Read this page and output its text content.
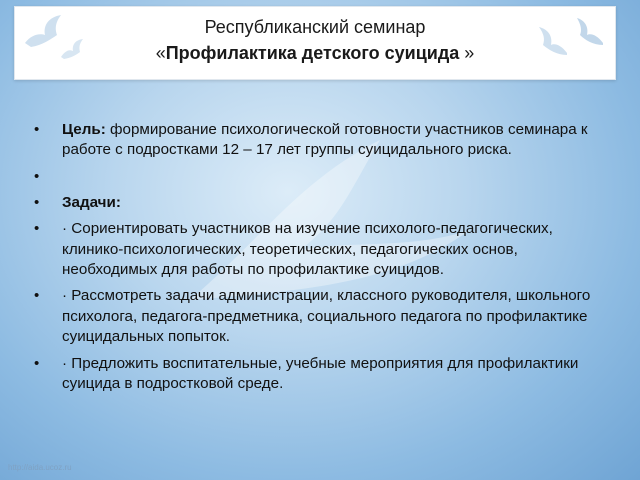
Республиканский семинар
«Профилактика детского суицида »
• Цель: формирование психологической готовности участников семинара к работе с подростками 12 – 17 лет группы суицидального риска.
•
• Задачи:
• · Сориентировать участников на изучение психолого-педагогических, клинико-психологических, теоретических, педагогических основ, необходимых для работы по профилактике суицидов.
• · Рассмотреть задачи администрации, классного руководителя, школьного психолога, педагога-предметника, социального педагога по профилактике суицидальных попыток.
• · Предложить воспитательные, учебные мероприятия для профилактики суицида в подростковой среде.
http://aida.ucoz.ru
